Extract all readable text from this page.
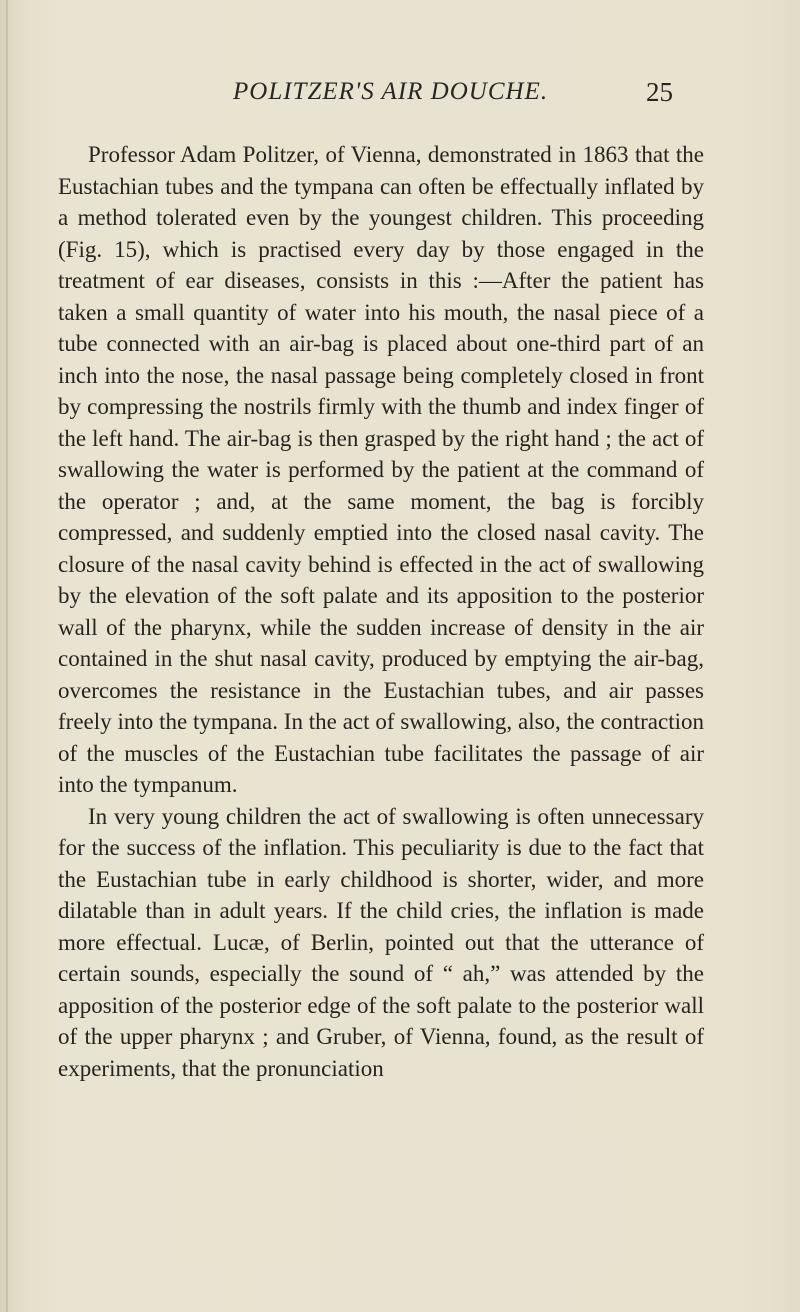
POLITZER'S AIR DOUCHE.	25

Professor Adam Politzer, of Vienna, demonstrated in 1863 that the Eustachian tubes and the tympana can often be effectually inflated by a method tolerated even by the youngest children. This proceeding (Fig. 15), which is practised every day by those engaged in the treatment of ear diseases, consists in this :—After the patient has taken a small quantity of water into his mouth, the nasal piece of a tube connected with an air-bag is placed about one-third part of an inch into the nose, the nasal passage being completely closed in front by compressing the nostrils firmly with the thumb and index finger of the left hand. The air-bag is then grasped by the right hand ; the act of swallowing the water is performed by the patient at the command of the operator ; and, at the same moment, the bag is forcibly compressed, and suddenly emptied into the closed nasal cavity. The closure of the nasal cavity behind is effected in the act of swallowing by the elevation of the soft palate and its apposition to the posterior wall of the pharynx, while the sudden increase of density in the air contained in the shut nasal cavity, produced by emptying the air-bag, overcomes the resistance in the Eustachian tubes, and air passes freely into the tympana. In the act of swallowing, also, the contraction of the muscles of the Eustachian tube facilitates the passage of air into the tympanum.

In very young children the act of swallowing is often unnecessary for the success of the inflation. This peculiarity is due to the fact that the Eustachian tube in early childhood is shorter, wider, and more dilatable than in adult years. If the child cries, the inflation is made more effectual. Lucæ, of Berlin, pointed out that the utterance of certain sounds, especially the sound of “ ah,” was attended by the apposition of the posterior edge of the soft palate to the posterior wall of the upper pharynx ; and Gruber, of Vienna, found, as the result of experiments, that the pronunciation
